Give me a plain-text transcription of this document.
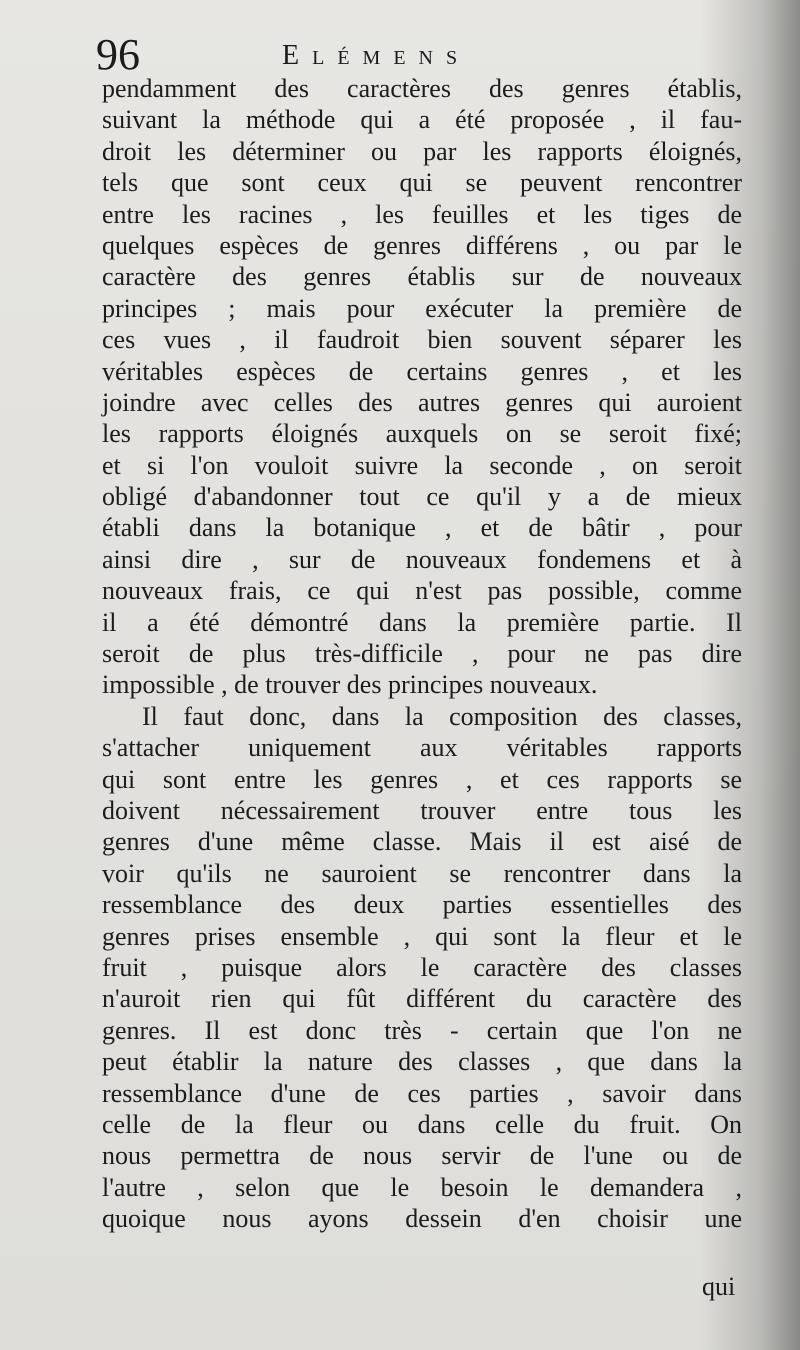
96	Elémens
pendamment des caractères des genres établis,
suivant la méthode qui a été proposée , il fau-
droit les déterminer ou par les rapports éloignés,
tels que sont ceux qui se peuvent rencontrer
entre les racines , les feuilles et les tiges de
quelques espèces de genres différens , ou par le
caractère des genres établis sur de nouveaux
principes ; mais pour exécuter la première de
ces vues , il faudroit bien souvent séparer les
véritables espèces de certains genres , et les
joindre avec celles des autres genres qui auroient
les rapports éloignés auxquels on se seroit fixé;
et si l'on vouloit suivre la seconde , on seroit
obligé d'abandonner tout ce qu'il y a de mieux
établi dans la botanique , et de bâtir , pour
ainsi dire , sur de nouveaux fondemens et à
nouveaux frais, ce qui n'est pas possible, comme
il a été démontré dans la première partie. Il
seroit de plus très-difficile , pour ne pas dire
impossible , de trouver des principes nouveaux.
Il faut donc, dans la composition des classes,
s'attacher uniquement aux véritables rapports
qui sont entre les genres , et ces rapports se
doivent nécessairement trouver entre tous les
genres d'une même classe. Mais il est aisé de
voir qu'ils ne sauroient se rencontrer dans la
ressemblance des deux parties essentielles des
genres prises ensemble , qui sont la fleur et le
fruit , puisque alors le caractère des classes
n'auroit rien qui fût différent du caractère des
genres. Il est donc très - certain que l'on ne
peut établir la nature des classes , que dans la
ressemblance d'une de ces parties , savoir dans
celle de la fleur ou dans celle du fruit. On
nous permettra de nous servir de l'une ou de
l'autre , selon que le besoin le demandera ,
quoique nous ayons dessein d'en choisir une
qui
